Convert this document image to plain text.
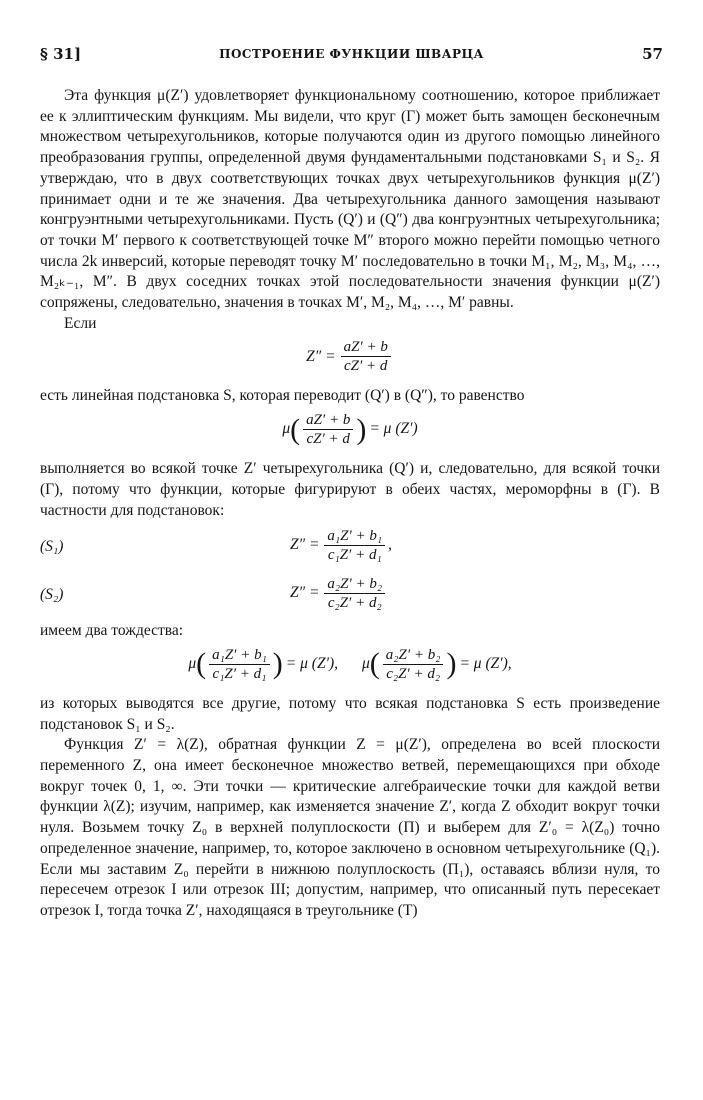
§ 31]	ПОСТРОЕНИЕ ФУНКЦИИ ШВАРЦА	57

Эта функция μ(Z′) удовлетворяет функциональному соотношению, которое приближает ее к эллиптическим функциям. Мы видели, что круг (Γ) может быть замощен бесконечным множеством четырехугольников, которые получаются один из другого помощью линейного преобразования группы, определенной двумя фундаментальными подстановками S₁ и S₂. Я утверждаю, что в двух соответствующих точках двух четырехугольников функция μ(Z′) принимает одни и те же значения. Два четырехугольника данного замощения называют конгруэнтными четырехугольниками. Пусть (Q′) и (Q″) два конгруэнтных четырехугольника; от точки M′ первого к соответствующей точке M″ второго можно перейти помощью четного числа 2k инверсий, которые переводят точку M′ последовательно в точки M₁, M₂, M₃, M₄, …, M₂ₖ₋₁, M″. В двух соседних точках этой последовательности значения функции μ(Z′) сопряжены, следовательно, значения в точках M′, M₂, M₄, …, M′ равны.

Если

$Z'' = \frac{aZ' + b}{cZ' + d}$

есть линейная подстановка S, которая переводит (Q′) в (Q″), то равенство

μ ( $\frac{aZ' + b}{cZ' + d}$ ) = μ (Z′)

выполняется во всякой точке Z′ четырехугольника (Q′) и, следовательно, для всякой точки (Γ), потому что функции, которые фигурируют в обеих частях, мероморфны в (Γ). В частности для подстановок:

(S₁)	$Z'' = \frac{\text{a₁Z′ + b₁}}{\text{c₁Z′ + d₁}}$ ,
(S₂)	$Z'' = \frac{\text{a₂Z′ + b₂}}{\text{c₂Z′ + d₂}}$

имеем два тождества:

μ ( $\frac{\text{a₁Z′ + b₁}}{\text{c₁Z′ + d₁}}$ ) = μ (Z′), μ ( $\frac{\text{a₂Z′ + b₂}}{\text{c₂Z′ + d₂}}$ ) = μ (Z′),

из которых выводятся все другие, потому что всякая подстановка S есть произведение подстановок S₁ и S₂.

Функция Z′ = λ(Z), обратная функции Z = μ(Z′), определена во всей плоскости переменного Z, она имеет бесконечное множество ветвей, перемещающихся при обходе вокруг точек 0, 1, ∞. Эти точки — критические алгебраические точки для каждой ветви функции λ(Z); изучим, например, как изменяется значение Z′, когда Z обходит вокруг точки нуля. Возьмем точку Z₀ в верхней полуплоскости (Π) и выберем для Z′₀ = λ(Z₀) точно определенное значение, например, то, которое заключено в основном четырехугольнике (Q₁). Если мы заставим Z₀ перейти в нижнюю полуплоскость (Π₁), оставаясь вблизи нуля, то пересечем отрезок I или отрезок III; допустим, например, что описанный путь пересекает отрезок I, тогда точка Z′, находящаяся в треугольнике (T)
